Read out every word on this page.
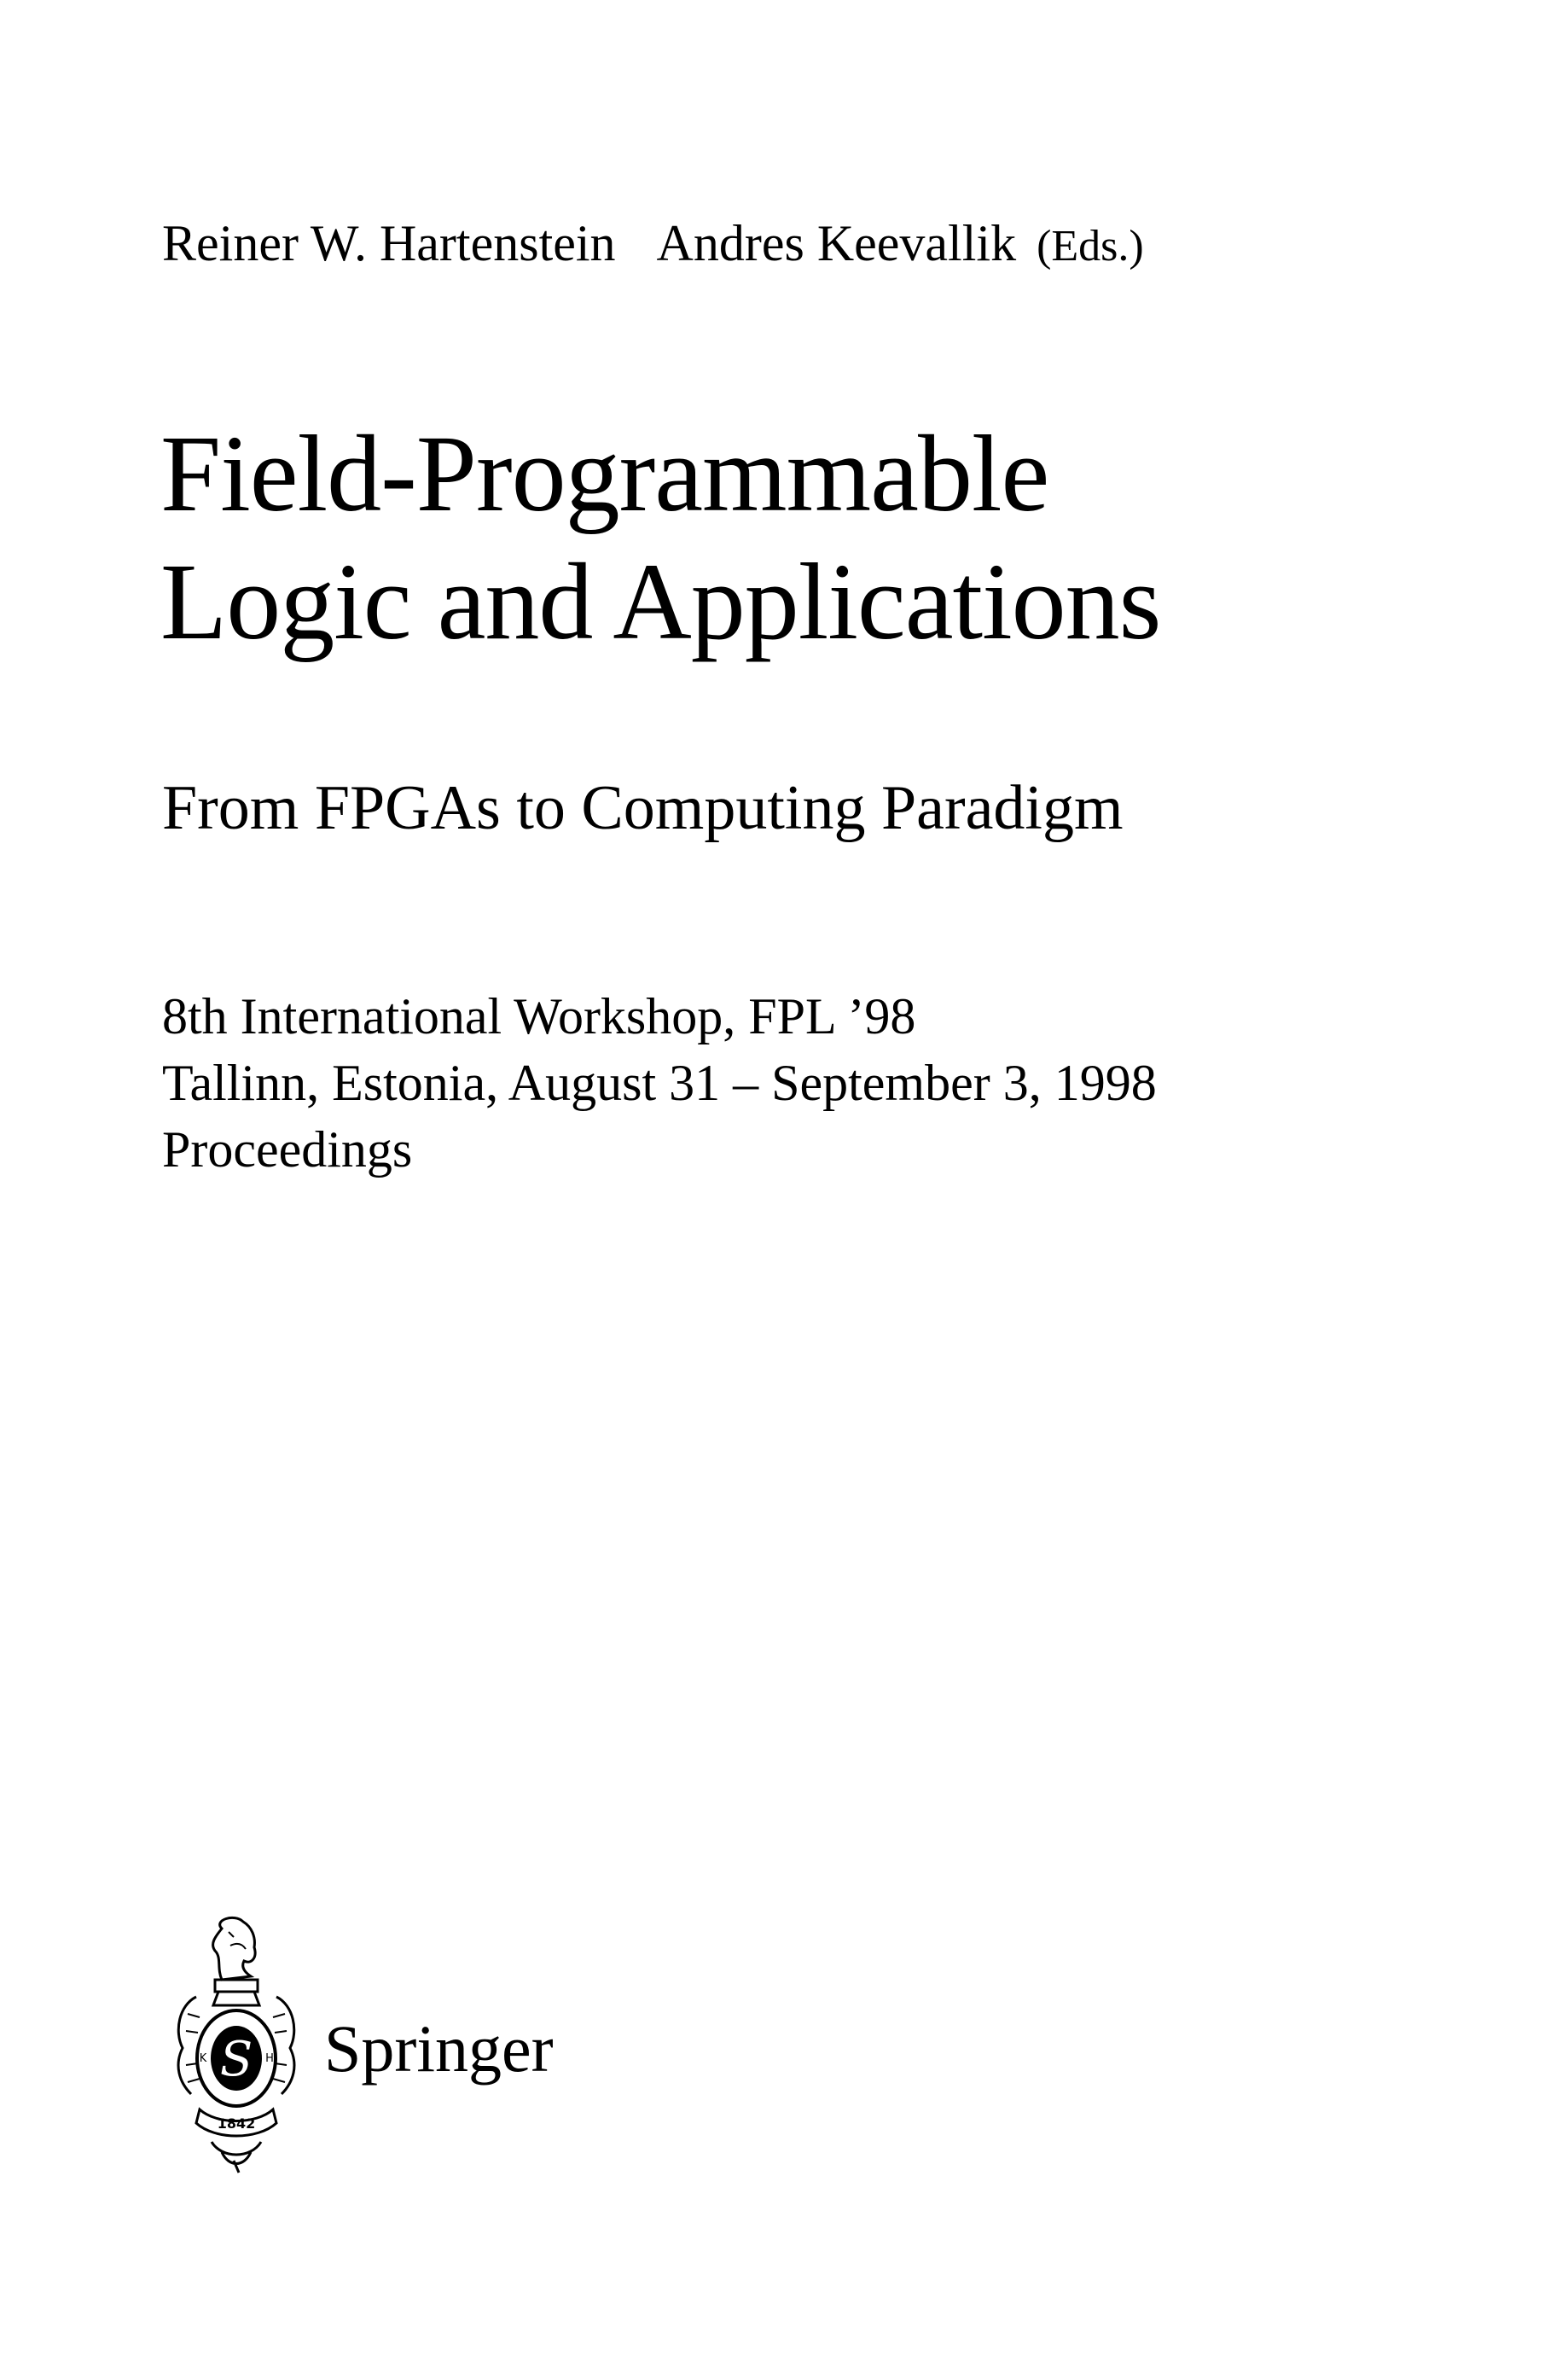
Reiner W. Hartenstein Andres Keevallik (Eds.)
Field-Programmable
Logic and Applications
From FPGAs to Computing Paradigm
8th International Workshop, FPL ’98
Tallinn, Estonia, August 31 – September 3, 1998
Proceedings
S
K	H
1842
Springer
